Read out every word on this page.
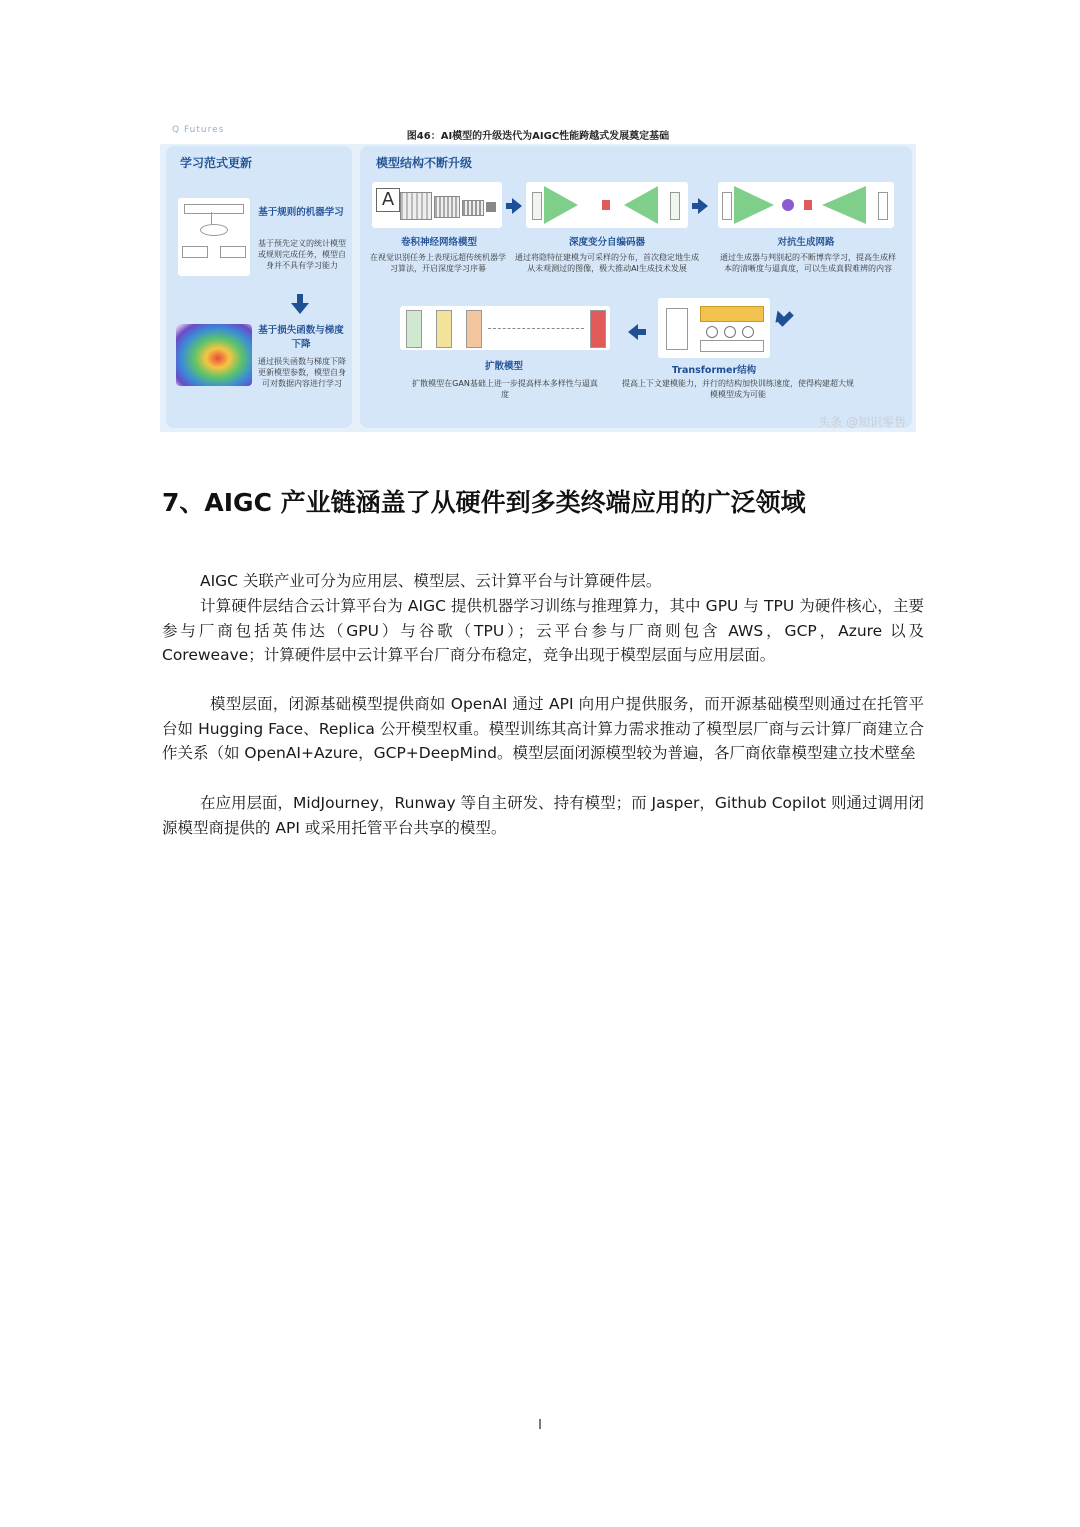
Q Futures
图46：AI模型的升级迭代为AIGC性能跨越式发展奠定基础
学习范式更新
基于规则的机器学习
基于预先定义的统计模型或规则完成任务，模型自身并不具有学习能力
基于损失函数与梯度下降
通过损失函数与梯度下降更新模型参数，模型自身可对数据内容进行学习
模型结构不断升级
A
卷积神经网络模型
在视觉识别任务上表现远超传统机器学习算法，开启深度学习序幕
深度变分自编码器
通过将隐特征建模为可采样的分布，首次稳定地生成从未观测过的图像，极大推动AI生成技术发展
对抗生成网路
通过生成器与判别起的不断博弈学习，提高生成样本的清晰度与逼真度，可以生成真假难辨的内容
Transformer结构
提高上下文建模能力，并行的结构加快训练速度，使得构建超大规模模型成为可能
扩散模型
扩散模型在GAN基础上进一步提高样本多样性与逼真度
头条 @知识零售
7、AIGC 产业链涵盖了从硬件到多类终端应用的广泛领域

AIGC 关联产业可分为应用层、模型层、云计算平台与计算硬件层。

计算硬件层结合云计算平台为 AIGC 提供机器学习训练与推理算力，其中 GPU 与 TPU 为硬件核心，主要参与厂商包括英伟达（GPU）与谷歌（TPU）；云平台参与厂商则包含 AWS，GCP，Azure 以及 Coreweave；计算硬件层中云计算平台厂商分布稳定，竞争出现于模型层面与应用层面。

模型层面，闭源基础模型提供商如 OpenAI 通过 API 向用户提供服务，而开源基础模型则通过在托管平台如 Hugging Face、Replica 公开模型权重。模型训练其高计算力需求推动了模型层厂商与云计算厂商建立合作关系（如 OpenAI+Azure，GCP+DeepMind。模型层面闭源模型较为普遍，各厂商依靠模型建立技术壁垒

在应用层面，MidJourney，Runway 等自主研发、持有模型；而 Jasper，Github Copilot 则通过调用闭源模型商提供的 API 或采用托管平台共享的模型。

I
